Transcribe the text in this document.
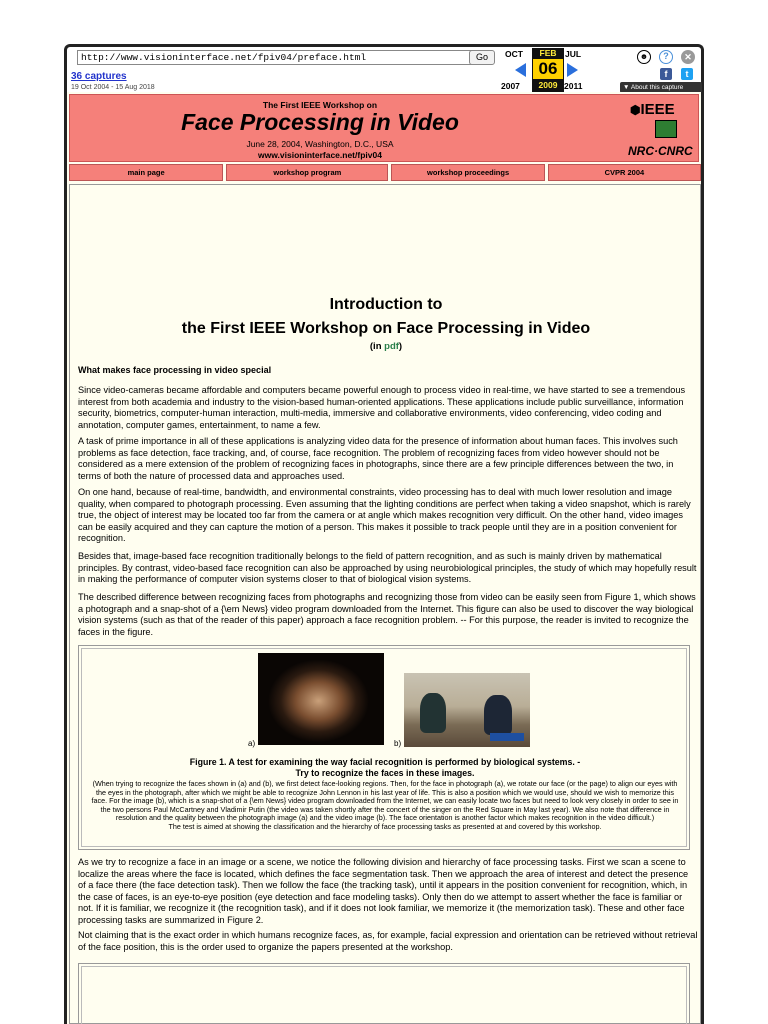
http://www.visioninterface.net/fpiv04/preface.html	Go
36 captures
19 Oct 2004 - 15 Aug 2018
OCT
2007
FEB
06
2009
JUL
2011
☻	?	✕
f	t
▼ About this capture
The First IEEE Workshop on
Face Processing in Video
June 28, 2004, Washington, D.C., USA
www.visioninterface.net/fpiv04
⬢IEEE
NRC·CNRC
main page	workshop program	workshop proceedings	CVPR 2004
Introduction to
the First IEEE Workshop on Face Processing in Video
(in pdf)
What makes face processing in video special
Since video-cameras became affordable and computers became powerful enough to process video in real-time, we have started to see a tremendous interest from both academia and industry to the vision-based human-oriented applications. These applications include public surveillance, information security, biometrics, computer-human interaction, multi-media, immersive and collaborative environments, video conferencing, video coding and annotation, computer games, entertainment, to name a few.
A task of prime importance in all of these applications is analyzing video data for the presence of information about human faces. This involves such problems as face detection, face tracking, and, of course, face recognition. The problem of recognizing faces from video however should not be considered as a mere extension of the problem of recognizing faces in photographs, since there are a few principle differences between the two, in terms of both the nature of processed data and approaches used.
On one hand, because of real-time, bandwidth, and environmental constraints, video processing has to deal with much lower resolution and image quality, when compared to photograph processing. Even assuming that the lighting conditions are perfect when taking a video snapshot, which is rarely true, the object of interest may be located too far from the camera or at angle which makes recognition very difficult. On the other hand, video images can be easily acquired and they can capture the motion of a person. This makes it possible to track people until they are in a position convenient for recognition.
Besides that, image-based face recognition traditionally belongs to the field of pattern recognition, and as such is mainly driven by mathematical principles. By contrast, video-based face recognition can also be approached by using neurobiological principles, the study of which may hopefully result in making the performance of computer vision systems closer to that of biological vision systems.
The described difference between recognizing faces from photographs and recognizing those from video can be easily seen from Figure 1, which shows a photograph and a snap-shot of a {\em News} video program downloaded from the Internet. This figure can also be used to discover the way biological vision systems (such as that of the reader of this paper) approach a face recognition problem. -- For this purpose, the reader is invited to recognize the faces in the figure.
a)	b)
Figure 1. A test for examining the way facial recognition is performed by biological systems. -
Try to recognize the faces in these images.
(When trying to recognize the faces shown in (a) and (b), we first detect face-looking regions. Then, for the face in photograph (a), we rotate our face (or the page) to align our eyes with the eyes in the photograph, after which we might be able to recognize John Lennon in his last year of life. This is also a position which we would use, should we wish to memorize this face. For the image (b), which is a snap-shot of a {\em News} video program downloaded from the Internet, we can easily locate two faces but need to look very closely in order to see in the two persons Paul McCartney and Vladimir Putin (the video was taken shortly after the concert of the singer on the Red Square in May last year). We also note that difference in resolution and the quality between the photograph image (a) and the video image (b). The face orientation is another factor which makes recognition in the video difficult.)
The test is aimed at showing the classification and the hierarchy of face processing tasks as presented at and covered by this workshop.
As we try to recognize a face in an image or a scene, we notice the following division and hierarchy of face processing tasks. First we scan a scene to localize the areas where the face is located, which defines the face segmentation task. Then we approach the area of interest and detect the presence of a face there (the face detection task). Then we follow the face (the tracking task), until it appears in the position convenient for recognition, which, in the case of faces, is an eye-to-eye position (eye detection and face modeling tasks). Only then do we attempt to assert whether the face is familiar or not. If it is familiar, we recognize it (the recognition task), and if it does not look familiar, we memorize it (the memorization task). These and other face processing tasks are summarized in Figure 2.
Not claiming that is the exact order in which humans recognize faces, as, for example, facial expression and orientation can be retrieved without retrieval of the face position, this is the order used to organize the papers presented at the workshop.
